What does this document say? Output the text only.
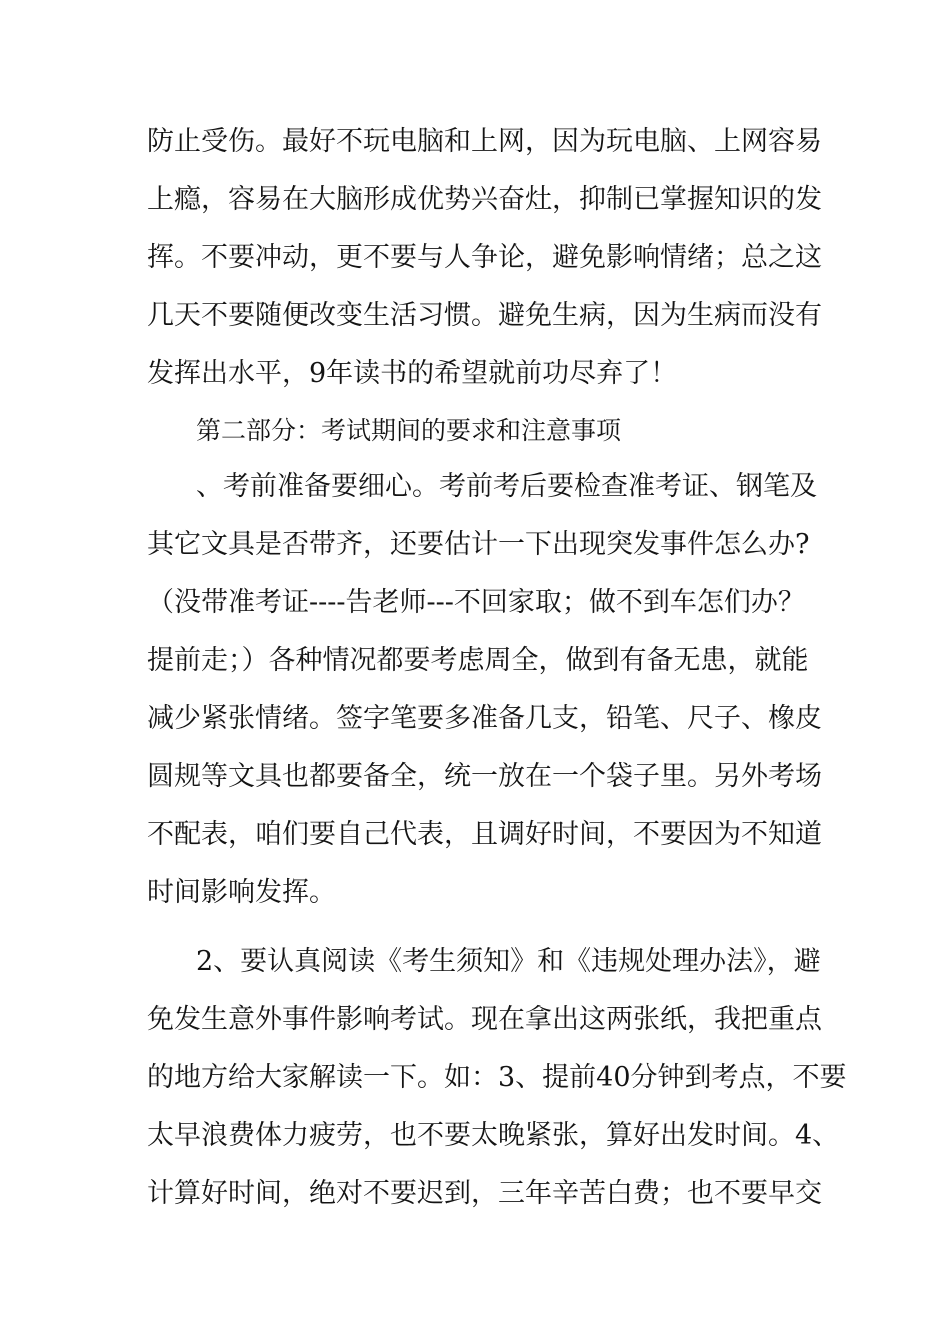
防止受伤。最好不玩电脑和上网，因为玩电脑、上网容易
上瘾，容易在大脑形成优势兴奋灶，抑制已掌握知识的发
挥。不要冲动，更不要与人争论，避免影响情绪；总之这
几天不要随便改变生活习惯。避免生病，因为生病而没有
发挥出水平，9年读书的希望就前功尽弃了！
第二部分：考试期间的要求和注意事项
、考前准备要细心。考前考后要检查准考证、钢笔及
其它文具是否带齐，还要估计一下出现突发事件怎么办?
（没带准考证----告老师---不回家取；做不到车怎们办？
提前走；）各种情况都要考虑周全，做到有备无患，就能
减少紧张情绪。签字笔要多准备几支，铅笔、尺子、橡皮
圆规等文具也都要备全，统一放在一个袋子里。另外考场
不配表，咱们要自己代表，且调好时间，不要因为不知道
时间影响发挥。
2、要认真阅读《考生须知》和《违规处理办法》，避
免发生意外事件影响考试。现在拿出这两张纸，我把重点
的地方给大家解读一下。如：3、提前40分钟到考点，不要
太早浪费体力疲劳，也不要太晚紧张，算好出发时间。4、
计算好时间，绝对不要迟到，三年辛苦白费；也不要早交
